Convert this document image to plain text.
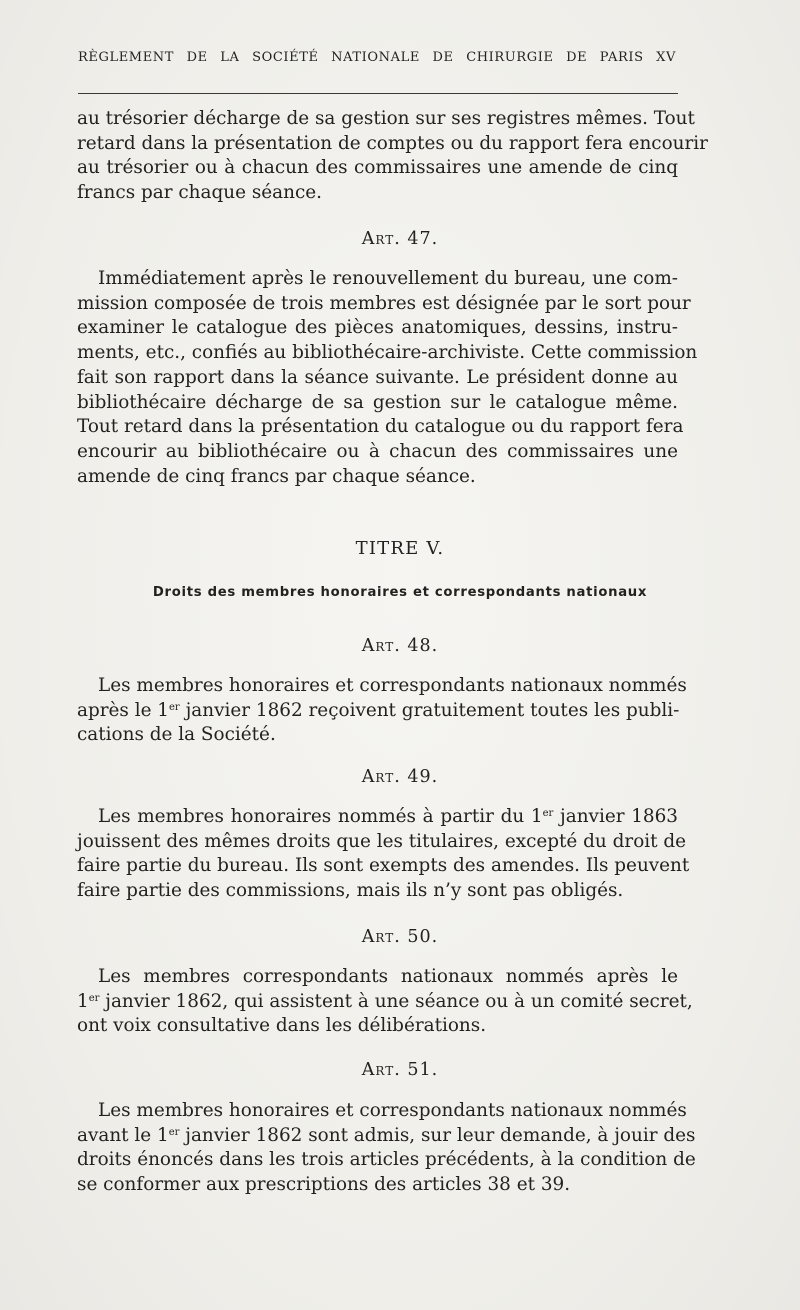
RÈGLEMENT DE LA SOCIÉTÉ NATIONALE DE CHIRURGIE DE PARIS XV

au trésorier décharge de sa gestion sur ses registres mêmes. Tout
retard dans la présentation de comptes ou du rapport fera encourir
au trésorier ou à chacun des commissaires une amende de cinq
francs par chaque séance.

Art. 47.

Immédiatement après le renouvellement du bureau, une com-
mission composée de trois membres est désignée par le sort pour
examiner le catalogue des pièces anatomiques, dessins, instru-
ments, etc., confiés au bibliothécaire-archiviste. Cette commission
fait son rapport dans la séance suivante. Le président donne au
bibliothécaire décharge de sa gestion sur le catalogue même.
Tout retard dans la présentation du catalogue ou du rapport fera
encourir au bibliothécaire ou à chacun des commissaires une
amende de cinq francs par chaque séance.

TITRE V.
Droits des membres honoraires et correspondants nationaux
Art. 48.

Les membres honoraires et correspondants nationaux nommés
après le 1er janvier 1862 reçoivent gratuitement toutes les publi-
cations de la Société.

Art. 49.

Les membres honoraires nommés à partir du 1er janvier 1863
jouissent des mêmes droits que les titulaires, excepté du droit de
faire partie du bureau. Ils sont exempts des amendes. Ils peuvent
faire partie des commissions, mais ils n’y sont pas obligés.

Art. 50.

Les membres correspondants nationaux nommés après le
1er janvier 1862, qui assistent à une séance ou à un comité secret,
ont voix consultative dans les délibérations.

Art. 51.

Les membres honoraires et correspondants nationaux nommés
avant le 1er janvier 1862 sont admis, sur leur demande, à jouir des
droits énoncés dans les trois articles précédents, à la condition de
se conformer aux prescriptions des articles 38 et 39.
